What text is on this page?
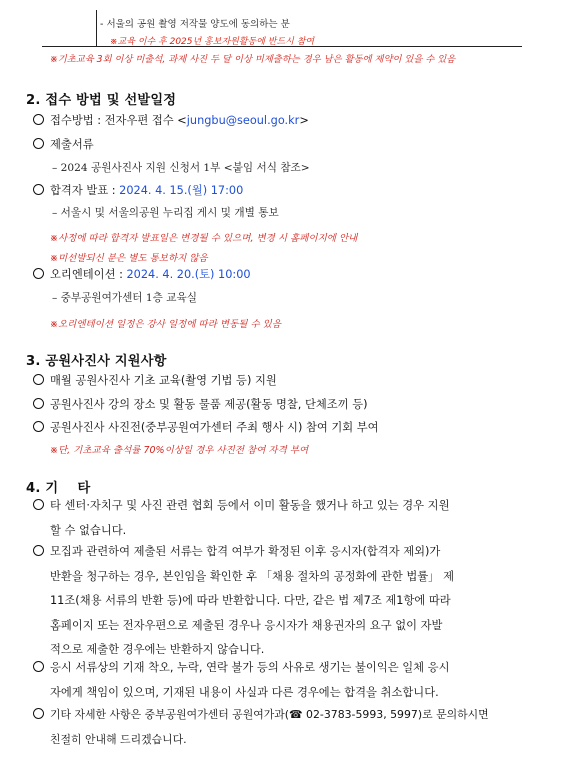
- 서울의 공원 촬영 저작물 양도에 동의하는 분
※교육 이수 후 2025년 홍보자원활동에 반드시 참여
※기초교육 3회 이상 미출석, 과제 사진 두 달 이상 미제출하는 경우 남은 활동에 제약이 있을 수 있음
2. 접수 방법 및 선발일정
접수방법 : 전자우편 접수 <jungbu@seoul.go.kr>
제출서류
– 2024 공원사진사 지원 신청서 1부 <붙임 서식 참조>
합격자 발표 : 2024. 4. 15.(월) 17:00
– 서울시 및 서울의공원 누리집 게시 및 개별 통보
※사정에 따라 합격자 발표일은 변경될 수 있으며, 변경 시 홈페이지에 안내
※미선발되신 분은 별도 통보하지 않음
오리엔테이션 : 2024. 4. 20.(토) 10:00
– 중부공원여가센터 1층 교육실
※오리엔테이션 일정은 강사 일정에 따라 변동될 수 있음
3. 공원사진사 지원사항
매월 공원사진사 기초 교육(촬영 기법 등) 지원
공원사진사 강의 장소 및 활동 물품 제공(활동 명찰, 단체조끼 등)
공원사진사 사진전(중부공원여가센터 주최 행사 시) 참여 기회 부여
※단, 기초교육 출석률 70%이상일 경우 사진전 참여 자격 부여
4. 기    타
타 센터·자치구 및 사진 관련 협회 등에서 이미 활동을 했거나 하고 있는 경우 지원
할 수 없습니다.
모집과 관련하여 제출된 서류는 합격 여부가 확정된 이후 응시자(합격자 제외)가
반환을 청구하는 경우, 본인임을 확인한 후 「채용 절차의 공정화에 관한 법률」 제
11조(채용 서류의 반환 등)에 따라 반환합니다. 다만, 같은 법 제7조 제1항에 따라
홈페이지 또는 전자우편으로 제출된 경우나 응시자가 채용권자의 요구 없이 자발
적으로 제출한 경우에는 반환하지 않습니다.
응시 서류상의 기재 착오, 누락, 연락 불가 등의 사유로 생기는 불이익은 일체 응시
자에게 책임이 있으며, 기재된 내용이 사실과 다른 경우에는 합격을 취소합니다.
기타 자세한 사항은 중부공원여가센터 공원여가과(☎ 02-3783-5993, 5997)로 문의하시면
친절히 안내해 드리겠습니다.
